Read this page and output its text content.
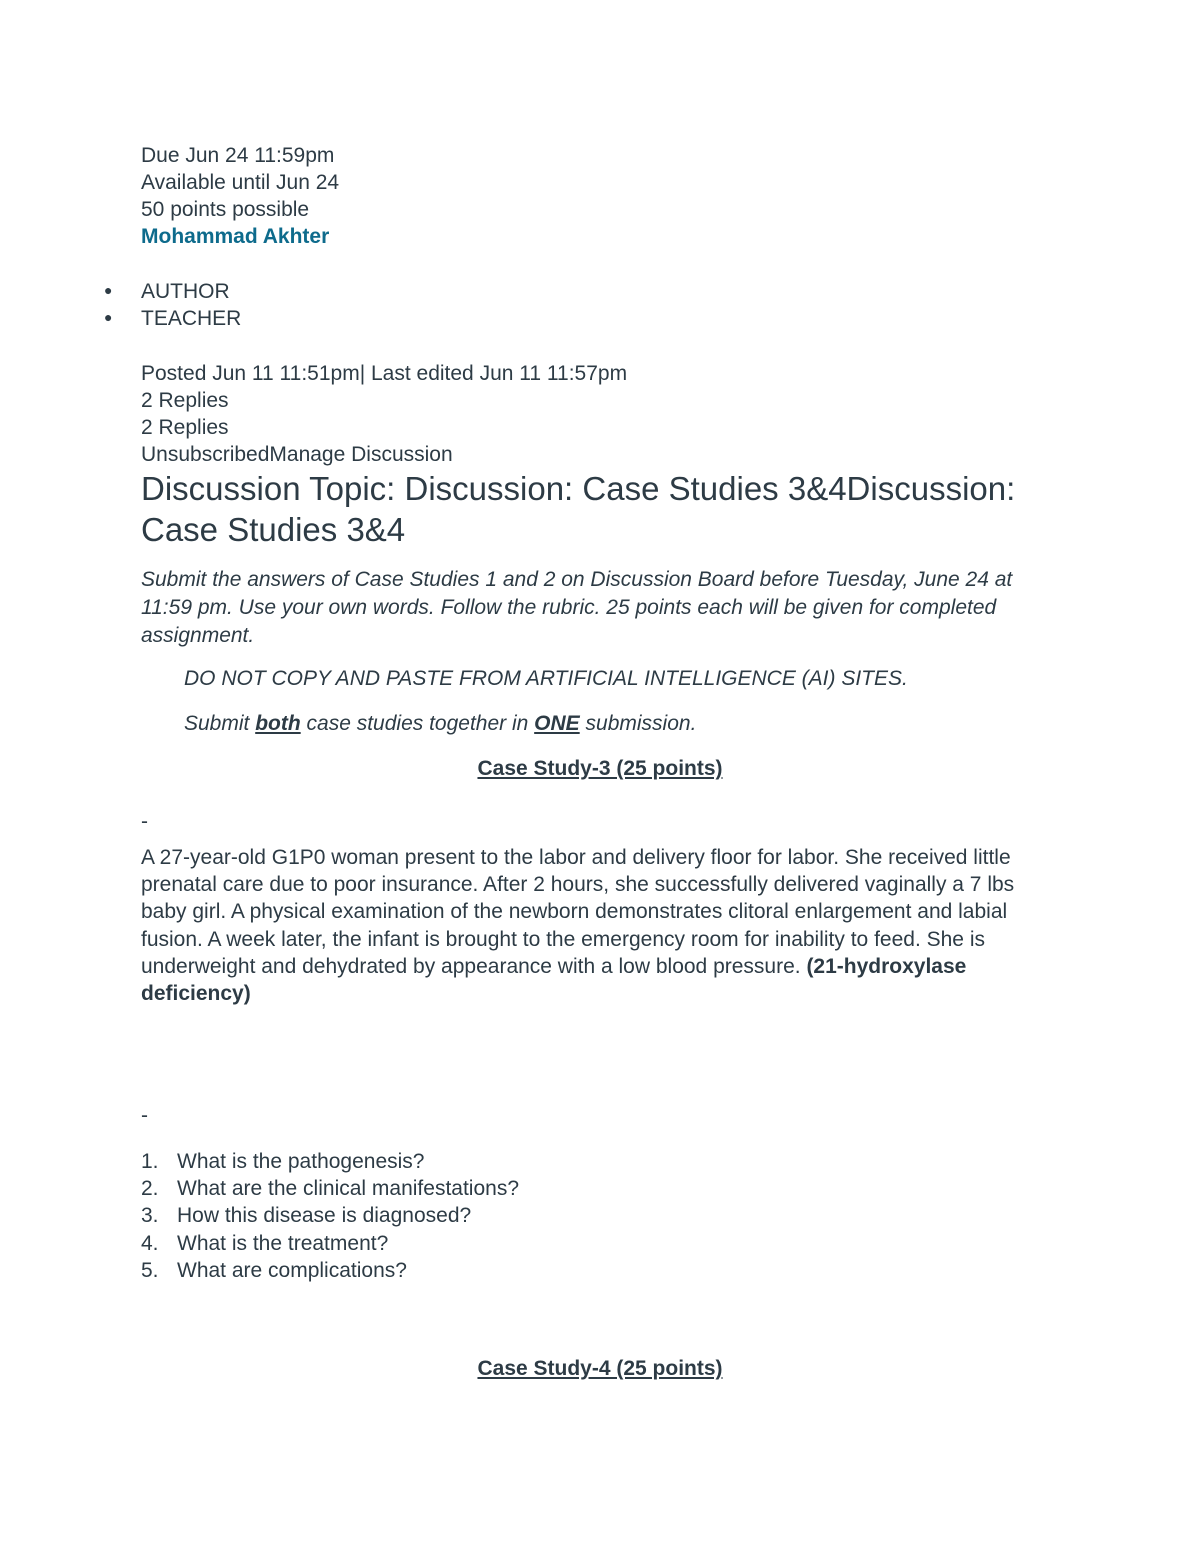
Due Jun 24 11:59pm
Available until Jun 24
50 points possible
Mohammad Akhter
● AUTHOR
● TEACHER
Posted Jun 11 11:51pm| Last edited Jun 11 11:57pm
2 Replies
2 Replies
UnsubscribedManage Discussion
Discussion Topic: Discussion: Case Studies 3&4Discussion: Case Studies 3&4
Submit the answers of Case Studies 1 and 2 on Discussion Board before Tuesday, June 24 at 11:59 pm. Use your own words. Follow the rubric. 25 points each will be given for completed assignment.
DO NOT COPY AND PASTE FROM ARTIFICIAL INTELLIGENCE (AI) SITES.
Submit both case studies together in ONE submission.
Case Study-3 (25 points)
-
A 27-year-old G1P0 woman present to the labor and delivery floor for labor. She received little prenatal care due to poor insurance. After 2 hours, she successfully delivered vaginally a 7 lbs baby girl. A physical examination of the newborn demonstrates clitoral enlargement and labial fusion. A week later, the infant is brought to the emergency room for inability to feed. She is underweight and dehydrated by appearance with a low blood pressure. (21-hydroxylase deficiency)
-
1. What is the pathogenesis?
2. What are the clinical manifestations?
3. How this disease is diagnosed?
4. What is the treatment?
5. What are complications?
Case Study-4 (25 points)
